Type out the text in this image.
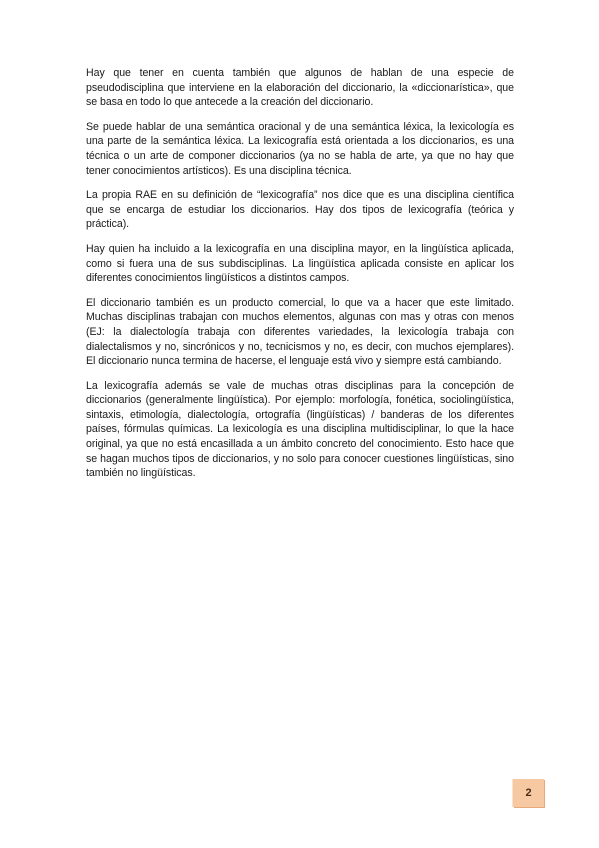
Hay que tener en cuenta también que algunos de hablan de una especie de pseudodisciplina que interviene en la elaboración del diccionario, la «diccionarística», que se basa en todo lo que antecede a la creación del diccionario.

Se puede hablar de una semántica oracional y de una semántica léxica, la lexicología es una parte de la semántica léxica. La lexicografía está orientada a los diccionarios, es una técnica o un arte de componer diccionarios (ya no se habla de arte, ya que no hay que tener conocimientos artísticos). Es una disciplina técnica.

La propia RAE en su definición de “lexicografía” nos dice que es una disciplina científica que se encarga de estudiar los diccionarios. Hay dos tipos de lexicografía (teórica y práctica).

Hay quien ha incluido a la lexicografía en una disciplina mayor, en la lingüística aplicada, como si fuera una de sus subdisciplinas. La lingüística aplicada consiste en aplicar los diferentes conocimientos lingüísticos a distintos campos.

El diccionario también es un producto comercial, lo que va a hacer que este limitado. Muchas disciplinas trabajan con muchos elementos, algunas con mas y otras con menos (EJ: la dialectología trabaja con diferentes variedades, la lexicología trabaja con dialectalismos y no, sincrónicos y no, tecnicismos y no, es decir, con muchos ejemplares). El diccionario nunca termina de hacerse, el lenguaje está vivo y siempre está cambiando.

La lexicografía además se vale de muchas otras disciplinas para la concepción de diccionarios (generalmente lingüística). Por ejemplo: morfología, fonética, sociolingüística, sintaxis, etimología, dialectología, ortografía (lingüísticas) / banderas de los diferentes países, fórmulas químicas. La lexicología es una disciplina multidisciplinar, lo que la hace original, ya que no está encasillada a un ámbito concreto del conocimiento. Esto hace que se hagan muchos tipos de diccionarios, y no solo para conocer cuestiones lingüísticas, sino también no lingüísticas.

2
